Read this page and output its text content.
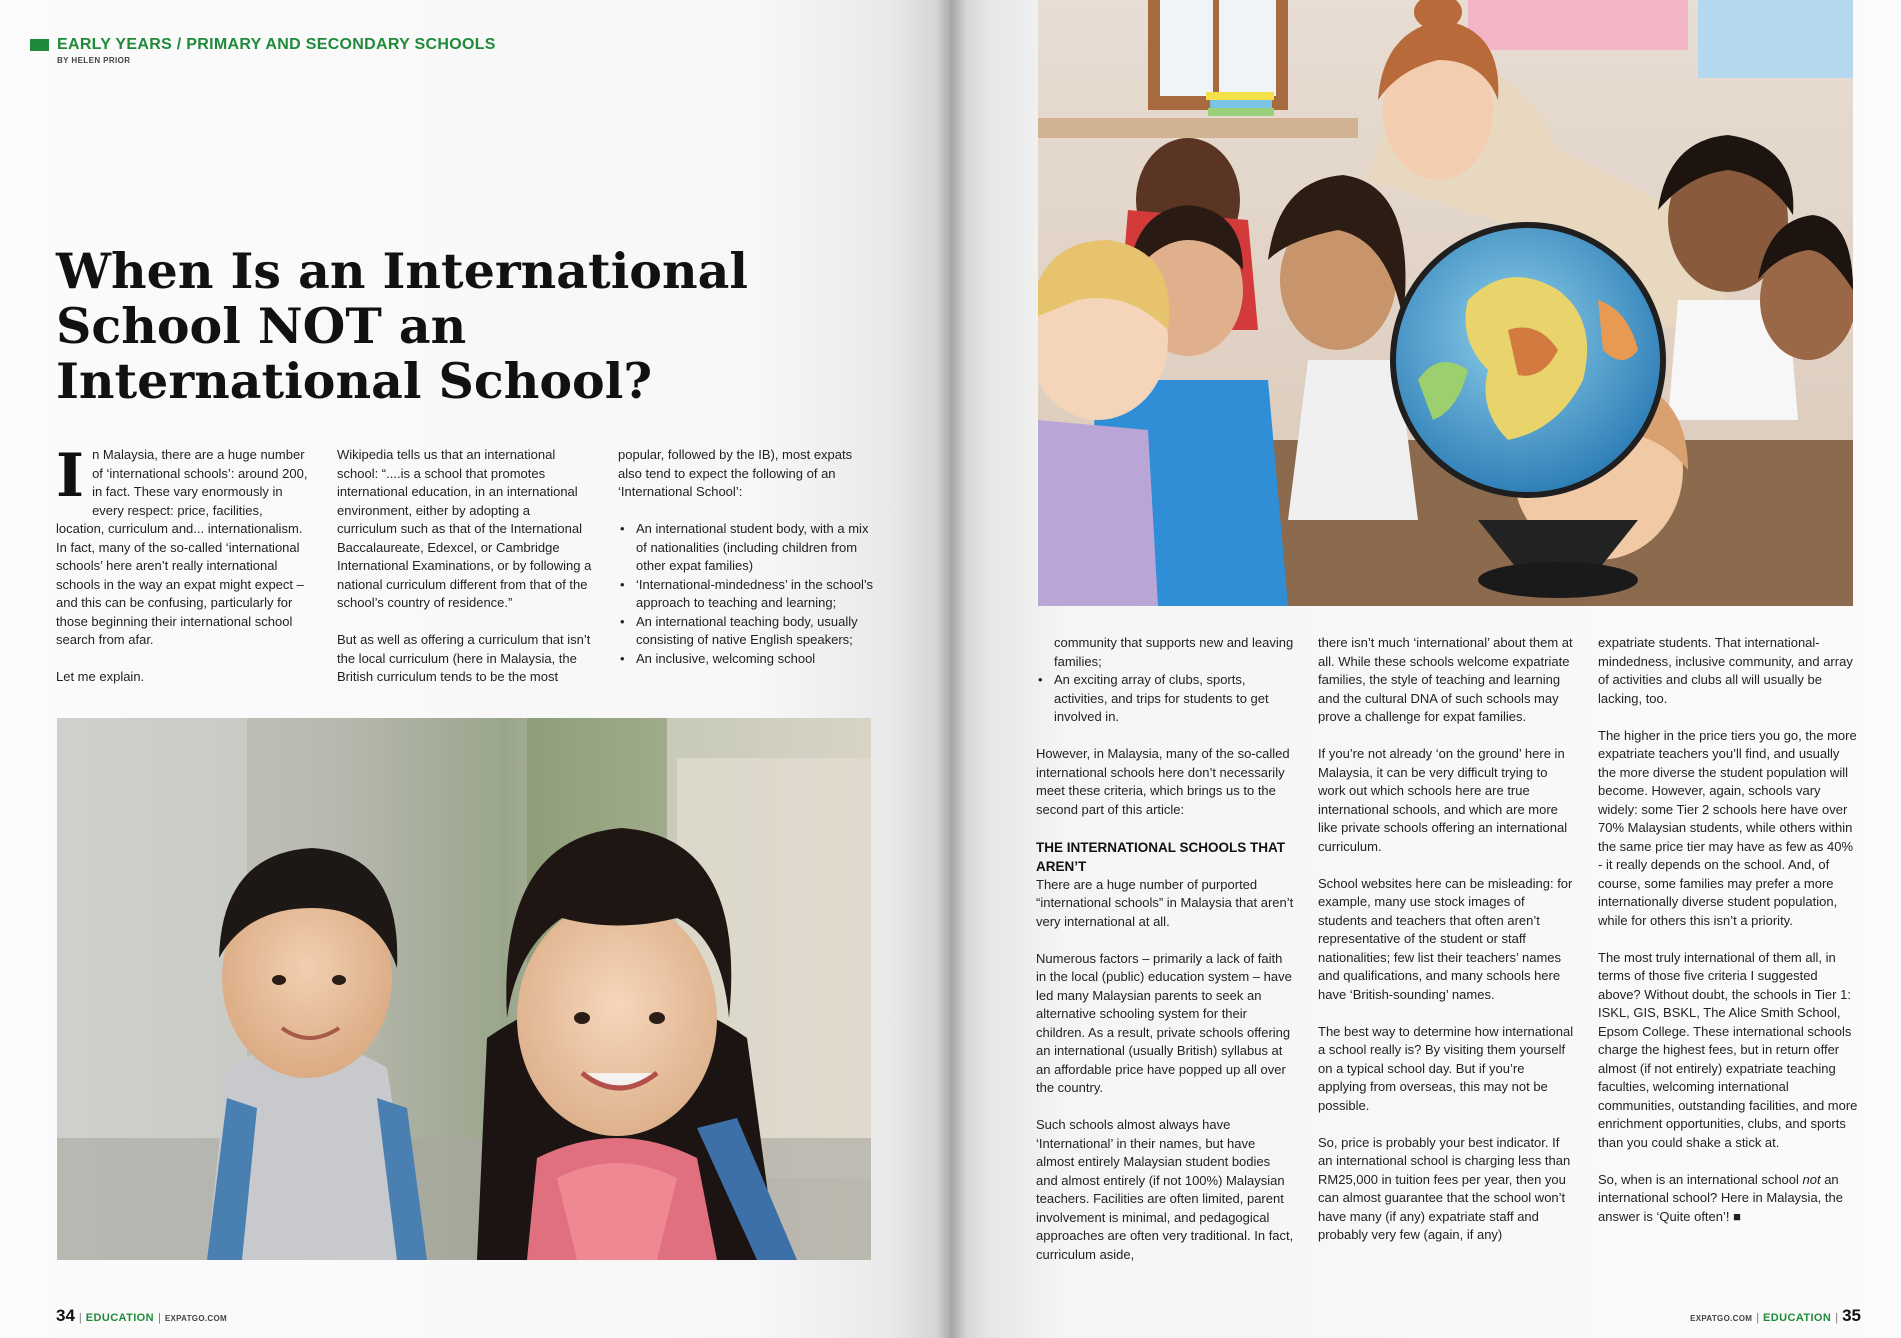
EARLY YEARS / PRIMARY AND SECONDARY SCHOOLS
BY HELEN PRIOR
When Is an International School NOT an International School?

In Malaysia, there are a huge number of ‘international schools’: around 200, in fact. These vary enormously in every respect: price, facilities, location, curriculum and... internationalism. In fact, many of the so-called ‘international schools’ here aren’t really international schools in the way an expat might expect – and this can be confusing, particularly for those beginning their international school search from afar.

Let me explain.

Wikipedia tells us that an international school: “....is a school that promotes international education, in an international environment, either by adopting a curriculum such as that of the International Baccalaureate, Edexcel, or Cambridge International Examinations, or by following a national curriculum different from that of the school’s country of residence.”

But as well as offering a curriculum that isn’t the local curriculum (here in Malaysia, the British curriculum tends to be the most

popular, followed by the IB), most expats also tend to expect the following of an ‘International School’:

• An international student body, with a mix of nationalities (including children from other expat families)
• ‘International-mindedness’ in the school’s approach to teaching and learning;
• An international teaching body, usually consisting of native English speakers;
• An inclusive, welcoming school
34 | EDUCATION | EXPATGO.COM
community that supports new and leaving families;
• An exciting array of clubs, sports, activities, and trips for students to get involved in.

However, in Malaysia, many of the so-called international schools here don’t necessarily meet these criteria, which brings us to the second part of this article:

THE INTERNATIONAL SCHOOLS THAT AREN’T

There are a huge number of purported “international schools” in Malaysia that aren’t very international at all.

Numerous factors – primarily a lack of faith in the local (public) education system – have led many Malaysian parents to seek an alternative schooling system for their children. As a result, private schools offering an international (usually British) syllabus at an affordable price have popped up all over the country.

Such schools almost always have ‘International’ in their names, but have almost entirely Malaysian student bodies and almost entirely (if not 100%) Malaysian teachers. Facilities are often limited, parent involvement is minimal, and pedagogical approaches are often very traditional. In fact, curriculum aside,

there isn’t much ‘international’ about them at all. While these schools welcome expatriate families, the style of teaching and learning and the cultural DNA of such schools may prove a challenge for expat families.

If you’re not already ‘on the ground’ here in Malaysia, it can be very difficult trying to work out which schools here are true international schools, and which are more like private schools offering an international curriculum.

School websites here can be misleading: for example, many use stock images of students and teachers that often aren’t representative of the student or staff nationalities; few list their teachers’ names and qualifications, and many schools here have ‘British-sounding’ names.

The best way to determine how international a school really is? By visiting them yourself on a typical school day. But if you’re applying from overseas, this may not be possible.

So, price is probably your best indicator. If an international school is charging less than RM25,000 in tuition fees per year, then you can almost guarantee that the school won’t have many (if any) expatriate staff and probably very few (again, if any)

expatriate students. That international-mindedness, inclusive community, and array of activities and clubs all will usually be lacking, too.

The higher in the price tiers you go, the more expatriate teachers you’ll find, and usually the more diverse the student population will become. However, again, schools vary widely: some Tier 2 schools here have over 70% Malaysian students, while others within the same price tier may have as few as 40% - it really depends on the school. And, of course, some families may prefer a more internationally diverse student population, while for others this isn’t a priority.

The most truly international of them all, in terms of those five criteria I suggested above? Without doubt, the schools in Tier 1: ISKL, GIS, BSKL, The Alice Smith School, Epsom College. These international schools charge the highest fees, but in return offer almost (if not entirely) expatriate teaching faculties, welcoming international communities, outstanding facilities, and more enrichment opportunities, clubs, and sports than you could shake a stick at.

So, when is an international school not an international school? Here in Malaysia, the answer is ‘Quite often’! ■

EXPATGO.COM | EDUCATION | 35
